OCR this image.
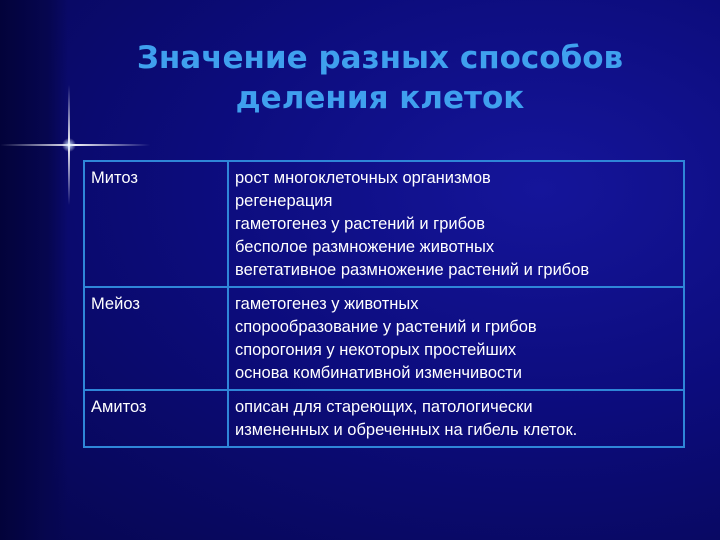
Значение разных способов
деления клеток
Митоз	рост многоклеточных организмов
регенерация
гаметогенез у растений и грибов
бесполое размножение животных
вегетативное размножение растений и грибов

Мейоз	гаметогенез у животных
спорообразование у растений и грибов
спорогония у некоторых простейших
основа комбинативной изменчивости

Амитоз	описан для стареющих, патологически
измененных и обреченных на гибель клеток.
